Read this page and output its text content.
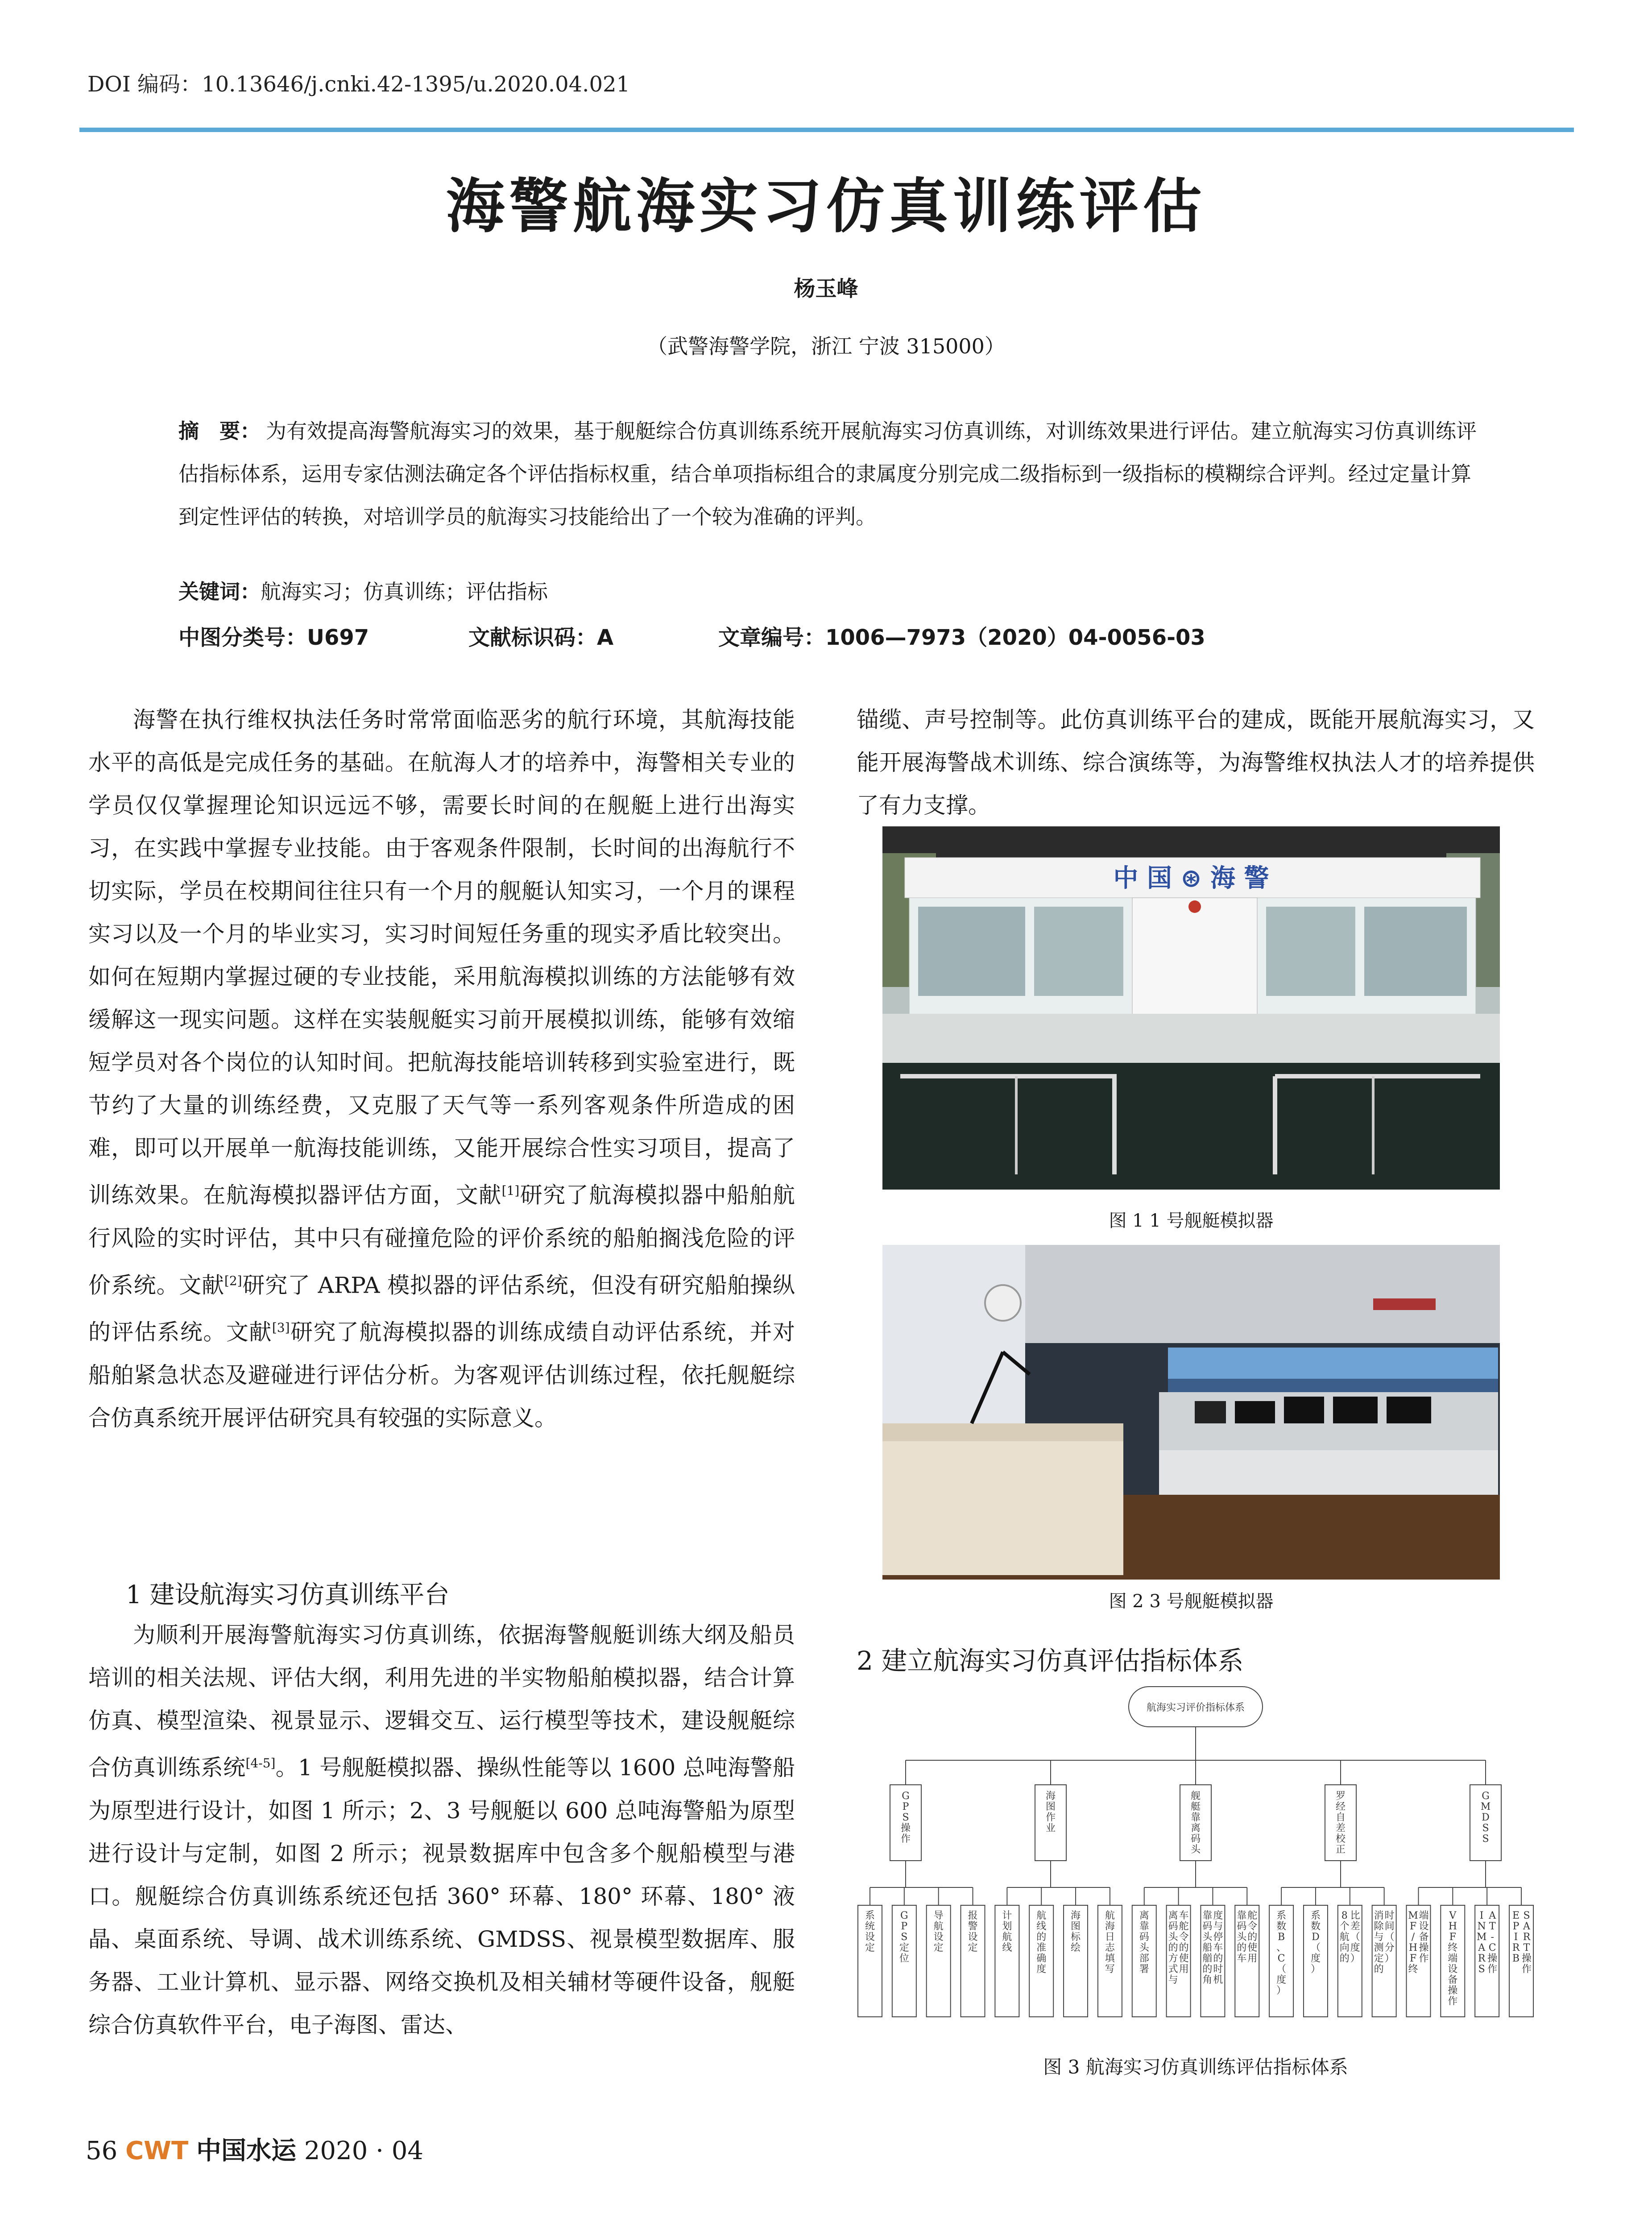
DOI 编码：10.13646/j.cnki.42-1395/u.2020.04.021
海警航海实习仿真训练评估
杨玉峰
（武警海警学院，浙江 宁波 315000）
摘　要： 为有效提高海警航海实习的效果，基于舰艇综合仿真训练系统开展航海实习仿真训练，对训练效果进行评估。建立航海实习仿真训练评估指标体系，运用专家估测法确定各个评估指标权重，结合单项指标组合的隶属度分别完成二级指标到一级指标的模糊综合评判。经过定量计算到定性评估的转换，对培训学员的航海实习技能给出了一个较为准确的评判。
关键词：航海实习；仿真训练；评估指标
中图分类号：U697	文献标识码：A	文章编号：1006—7973（2020）04-0056-03

海警在执行维权执法任务时常常面临恶劣的航行环境，其航海技能水平的高低是完成任务的基础。在航海人才的培养中，海警相关专业的学员仅仅掌握理论知识远远不够，需要长时间的在舰艇上进行出海实习，在实践中掌握专业技能。由于客观条件限制，长时间的出海航行不切实际，学员在校期间往往只有一个月的舰艇认知实习，一个月的课程实习以及一个月的毕业实习，实习时间短任务重的现实矛盾比较突出。如何在短期内掌握过硬的专业技能，采用航海模拟训练的方法能够有效缓解这一现实问题。这样在实装舰艇实习前开展模拟训练，能够有效缩短学员对各个岗位的认知时间。把航海技能培训转移到实验室进行，既节约了大量的训练经费，又克服了天气等一系列客观条件所造成的困难，即可以开展单一航海技能训练，又能开展综合性实习项目，提高了训练效果。在航海模拟器评估方面，文献[1]研究了航海模拟器中船舶航行风险的实时评估，其中只有碰撞危险的评价系统的船舶搁浅危险的评价系统。文献[2]研究了 ARPA 模拟器的评估系统，但没有研究船舶操纵的评估系统。文献[3]研究了航海模拟器的训练成绩自动评估系统，并对船舶紧急状态及避碰进行评估分析。为客观评估训练过程，依托舰艇综合仿真系统开展评估研究具有较强的实际意义。

1 建设航海实习仿真训练平台

为顺利开展海警航海实习仿真训练，依据海警舰艇训练大纲及船员培训的相关法规、评估大纲，利用先进的半实物船舶模拟器，结合计算仿真、模型渲染、视景显示、逻辑交互、运行模型等技术，建设舰艇综合仿真训练系统[4-5]。1 号舰艇模拟器、操纵性能等以 1600 总吨海警船为原型进行设计，如图 1 所示；2、3 号舰艇以 600 总吨海警船为原型进行设计与定制，如图 2 所示；视景数据库中包含多个舰船模型与港口。舰艇综合仿真训练系统还包括 360° 环幕、180° 环幕、180° 液晶、桌面系统、导调、战术训练系统、GMDSS、视景模型数据库、服务器、工业计算机、显示器、网络交换机及相关辅材等硬件设备，舰艇综合仿真软件平台，电子海图、雷达、

锚缆、声号控制等。此仿真训练平台的建成，既能开展航海实习，又能开展海警战术训练、综合演练等，为海警维权执法人才的培养提供了有力支撑。

中 国 ⊛ 海 警
图 1 1 号舰艇模拟器
图 2 3 号舰艇模拟器
2 建立航海实习仿真评估指标体系
航海实习评价指标体系
G P S 操作
海图作业
舰艇靠离码头
罗经自差校正
G M D S S
系统设定
G P S 定位
导航设定
报警设定
计划航线
航线的准确度
海图标绘
航海日志填写
离靠码头部署
离码头的方式与车舵令的使用
靠码头船艏的角度与停车的时机
靠码头的车舵令的使用
系数 B 、 C （度）
系数 D （度）
8 个航向的比差（度）
消除与测定的时间（分）
M F / H F 终端设备操作
V H F 终端设备操作
I N M A R SA T -C 操作
E P I R B S A R T 操作
图 3 航海实习仿真训练评估指标体系
56 CWT 中国水运 2020 · 04
